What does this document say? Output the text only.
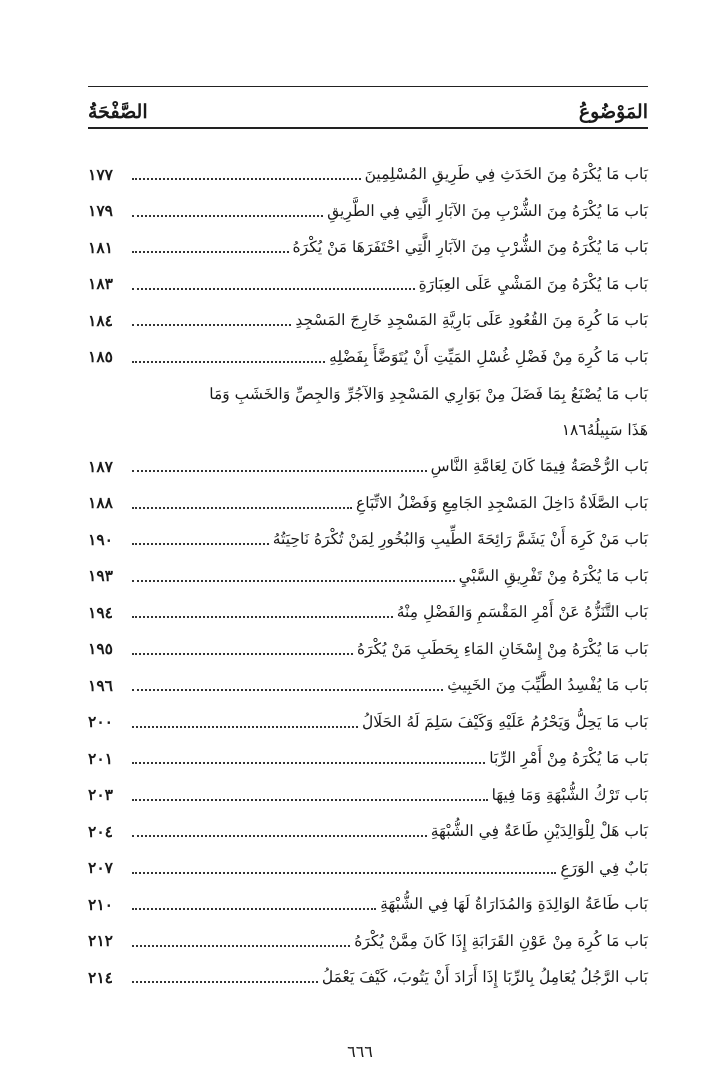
الصَّفْحَةُ	المَوْضُوعُ
بَاب مَا يُكْرَهُ مِنَ الحَدَثِ فِي طَرِيقِ المُسْلِمِينَ
١٧٧
بَاب مَا يُكْرَهُ مِنَ الشُّرْبِ مِنَ الآبَارِ الَّتِي فِي الطَّرِيقِ
١٧٩
بَاب مَا يُكْرَهُ مِنَ الشُّرْبِ مِنَ الآبَارِ الَّتِي احْتَفَرَهَا مَنْ يُكْرَهُ
١٨١
بَاب مَا يُكْرَهُ مِنَ المَشْيِ عَلَى العِبَارَةِ
١٨٣
بَاب مَا كُرِهَ مِنَ القُعُودِ عَلَى بَارِيَّةِ المَسْجِدِ خَارِجَ المَسْجِدِ
١٨٤
بَاب مَا كُرِهَ مِنْ فَضْلِ غُسْلِ المَيِّتِ أَنْ يُتَوَضَّأَ بِفَضْلِهِ
١٨٥
بَاب مَا يُصْنَعُ بِمَا فَضَلَ مِنْ بَوَارِي المَسْجِدِ وَالآجُرِّ وَالجِصِّ وَالخَشَبِ وَمَا
هَذَا سَبِيلُهُ
١٨٦
بَاب الرُّخْصَةُ فِيمَا كَانَ لِعَامَّةِ النَّاسِ
١٨٧
بَاب الصَّلَاةُ دَاخِلَ المَسْجِدِ الجَامِعِ وَفَضْلُ الاتِّبَاعِ
١٨٨
بَاب مَنْ كَرِهَ أَنْ يَشَمَّ رَائِحَةَ الطِّيبِ وَالبُخُورِ لِمَنْ تُكْرَهُ نَاحِيَتُهُ
١٩٠
بَاب مَا يُكْرَهُ مِنْ تَفْرِيقِ السَّبْيِ
١٩٣
بَاب التَّنَزُّهُ عَنْ أَمْرِ المَقْسَمِ وَالفَضْلِ مِنْهُ
١٩٤
بَاب مَا يُكْرَهُ مِنْ إِسْخَانِ المَاءِ بِحَطَبِ مَنْ يُكْرَهُ
١٩٥
بَاب مَا يُفْسِدُ الطَّيِّبَ مِنَ الخَبِيثِ
١٩٦
بَاب مَا يَحِلُّ وَيَحْرُمُ عَلَيْهِ وَكَيْفَ سَلِمَ لَهُ الحَلَالُ
٢٠٠
بَاب مَا يُكْرَهُ مِنْ أَمْرِ الرِّبَا
٢٠١
بَاب تَرْكُ الشُّبْهَةِ وَمَا فِيهَا
٢٠٣
بَاب هَلْ لِلْوَالِدَيْنِ طَاعَةٌ فِي الشُّبْهَةِ
٢٠٤
بَابٌ فِي الوَرَعِ
٢٠٧
بَاب طَاعَةُ الوَالِدَةِ وَالمُدَارَاةُ لَهَا فِي الشُّبْهَةِ
٢١٠
بَاب مَا كُرِهَ مِنْ عَوْنِ القَرَابَةِ إِذَا كَانَ مِمَّنْ يُكْرَهُ
٢١٢
بَاب الرَّجُلُ يُعَامِلُ بِالرِّبَا إِذَا أَرَادَ أَنْ يَتُوبَ، كَيْفَ يَعْمَلُ
٢١٤
٦٦٦
